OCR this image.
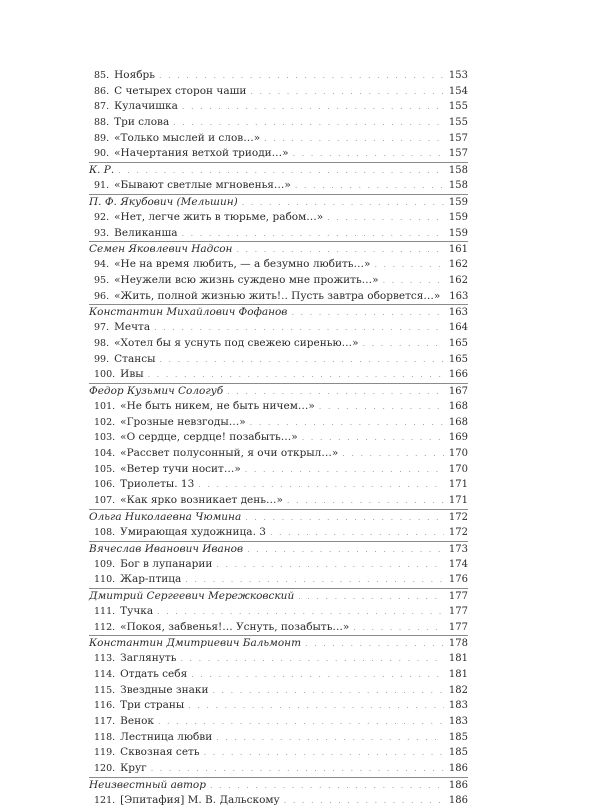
85. Ноябрь . . .	153
86. С четырех сторон чаши . . .	154
87. Кулачишка . . .	155
88. Три слова . . .	155
89. «Только мыслей и слов…» . . .	157
90. «Начертания ветхой триоди…» . . .	157
К. Р. . . .	158
91. «Бывают светлые мгновенья…» . . .	158
П. Ф. Якубович (Мельшин) . . .	159
92. «Нет, легче жить в тюрьме, рабом…» . . .	159
93. Великанша . . .	159
Семен Яковлевич Надсон . . .	161
94. «Не на время любить, — а безумно любить…» . . .	162
95. «Неужели всю жизнь суждено мне прожить…» . . .	162
96. «Жить, полной жизнью жить!.. Пусть завтра оборвется…» 163
Константин Михайлович Фофанов . . .	163
97. Мечта . . .	164
98. «Хотел бы я уснуть под свежею сиренью…» . . .	165
99. Стансы . . .	165
100. Ивы . . .	166
Федор Кузьмич Сологуб . . .	167
101. «Не быть никем, не быть ничем…» . . .	168
102. «Грозные невзгоды…» . . .	168
103. «О сердце, сердце! позабыть…» . . .	169
104. «Рассвет полусонный, я очи открыл…» . . .	170
105. «Ветер тучи носит…» . . .	170
106. Триолеты. 13 . . .	171
107. «Как ярко возникает день…» . . .	171
Ольга Николаевна Чюмина . . .	172
108. Умирающая художница. 3 . . .	172
Вячеслав Иванович Иванов . . .	173
109. Бог в лупанарии . . .	174
110. Жар-птица . . .	176
Дмитрий Сергеевич Мережковский . . .	177
111. Тучка . . .	177
112. «Покоя, забвенья!… Уснуть, позабыть…» . . .	177
Константин Дмитриевич Бальмонт . . .	178
113. Заглянуть . . .	181
114. Отдать себя . . .	181
115. Звездные знаки . . .	182
116. Три страны . . .	183
117. Венок . . .	183
118. Лестница любви . . .	185
119. Сквозная сеть . . .	185
120. Круг . . .	186
Неизвестный автор . . .	186
121. [Эпитафия] М. В. Дальскому . . .	186
